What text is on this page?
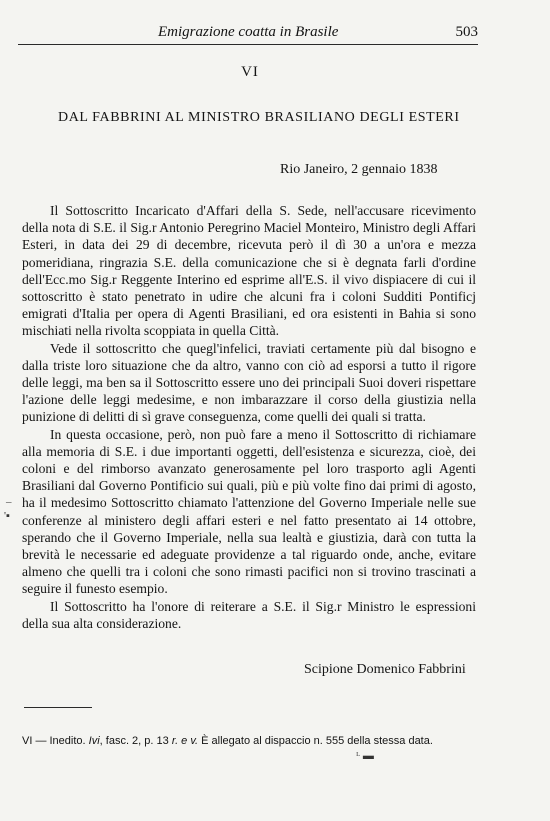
Emigrazione coatta in Brasile	503
VI
DAL FABBRINI AL MINISTRO BRASILIANO DEGLI ESTERI
Rio Janeiro, 2 gennaio 1838

Il Sottoscritto Incaricato d'Affari della S. Sede, nell'accusare ricevimento della nota di S.E. il Sig.r Antonio Peregrino Maciel Monteiro, Ministro degli Affari Esteri, in data dei 29 di decembre, ricevuta però il dì 30 a un'ora e mezza pomeridiana, ringrazia S.E. della comunicazione che si è degnata farli d'ordine dell'Ecc.mo Sig.r Reggente Interino ed esprime all'E.S. il vivo dispiacere di cui il sottoscritto è stato penetrato in udire che alcuni fra i coloni Sudditi Pontificj emigrati d'Italia per opera di Agenti Brasiliani, ed ora esistenti in Bahia si sono mischiati nella rivolta scoppiata in quella Città.

Vede il sottoscritto che quegl'infelici, traviati certamente più dal bisogno e dalla triste loro situazione che da altro, vanno con ciò ad esporsi a tutto il rigore delle leggi, ma ben sa il Sottoscritto essere uno dei principali Suoi doveri rispettare l'azione delle leggi medesime, e non imbarazzare il corso della giustizia nella punizione di delitti di sì grave conseguenza, come quelli dei quali si tratta.

In questa occasione, però, non può fare a meno il Sottoscritto di richiamare alla memoria di S.E. i due importanti oggetti, dell'esistenza e sicurezza, cioè, dei coloni e del rimborso avanzato generosamente pel loro trasporto agli Agenti Brasiliani dal Governo Pontificio sui quali, più e più volte fino dai primi di agosto, ha il medesimo Sottoscritto chiamato l'attenzione del Governo Imperiale nelle sue conferenze al ministero degli affari esteri e nel fatto presentato ai 14 ottobre, sperando che il Governo Imperiale, nella sua lealtà e giustizia, darà con tutta la brevità le necessarie ed adeguate providenze a tal riguardo onde, anche, evitare almeno che quelli tra i coloni che sono rimasti pacifici non si trovino trascinati a seguire il funesto esempio.

Il Sottoscritto ha l'onore di reiterare a S.E. il Sig.r Ministro le espressioni della sua alta considerazione.

Scipione Domenico Fabbrini
VI — Inedito. Ivi, fasc. 2, p. 13 r. e v. È allegato al dispaccio n. 555 della stessa data.
–
'▪
ᴸ ▬
